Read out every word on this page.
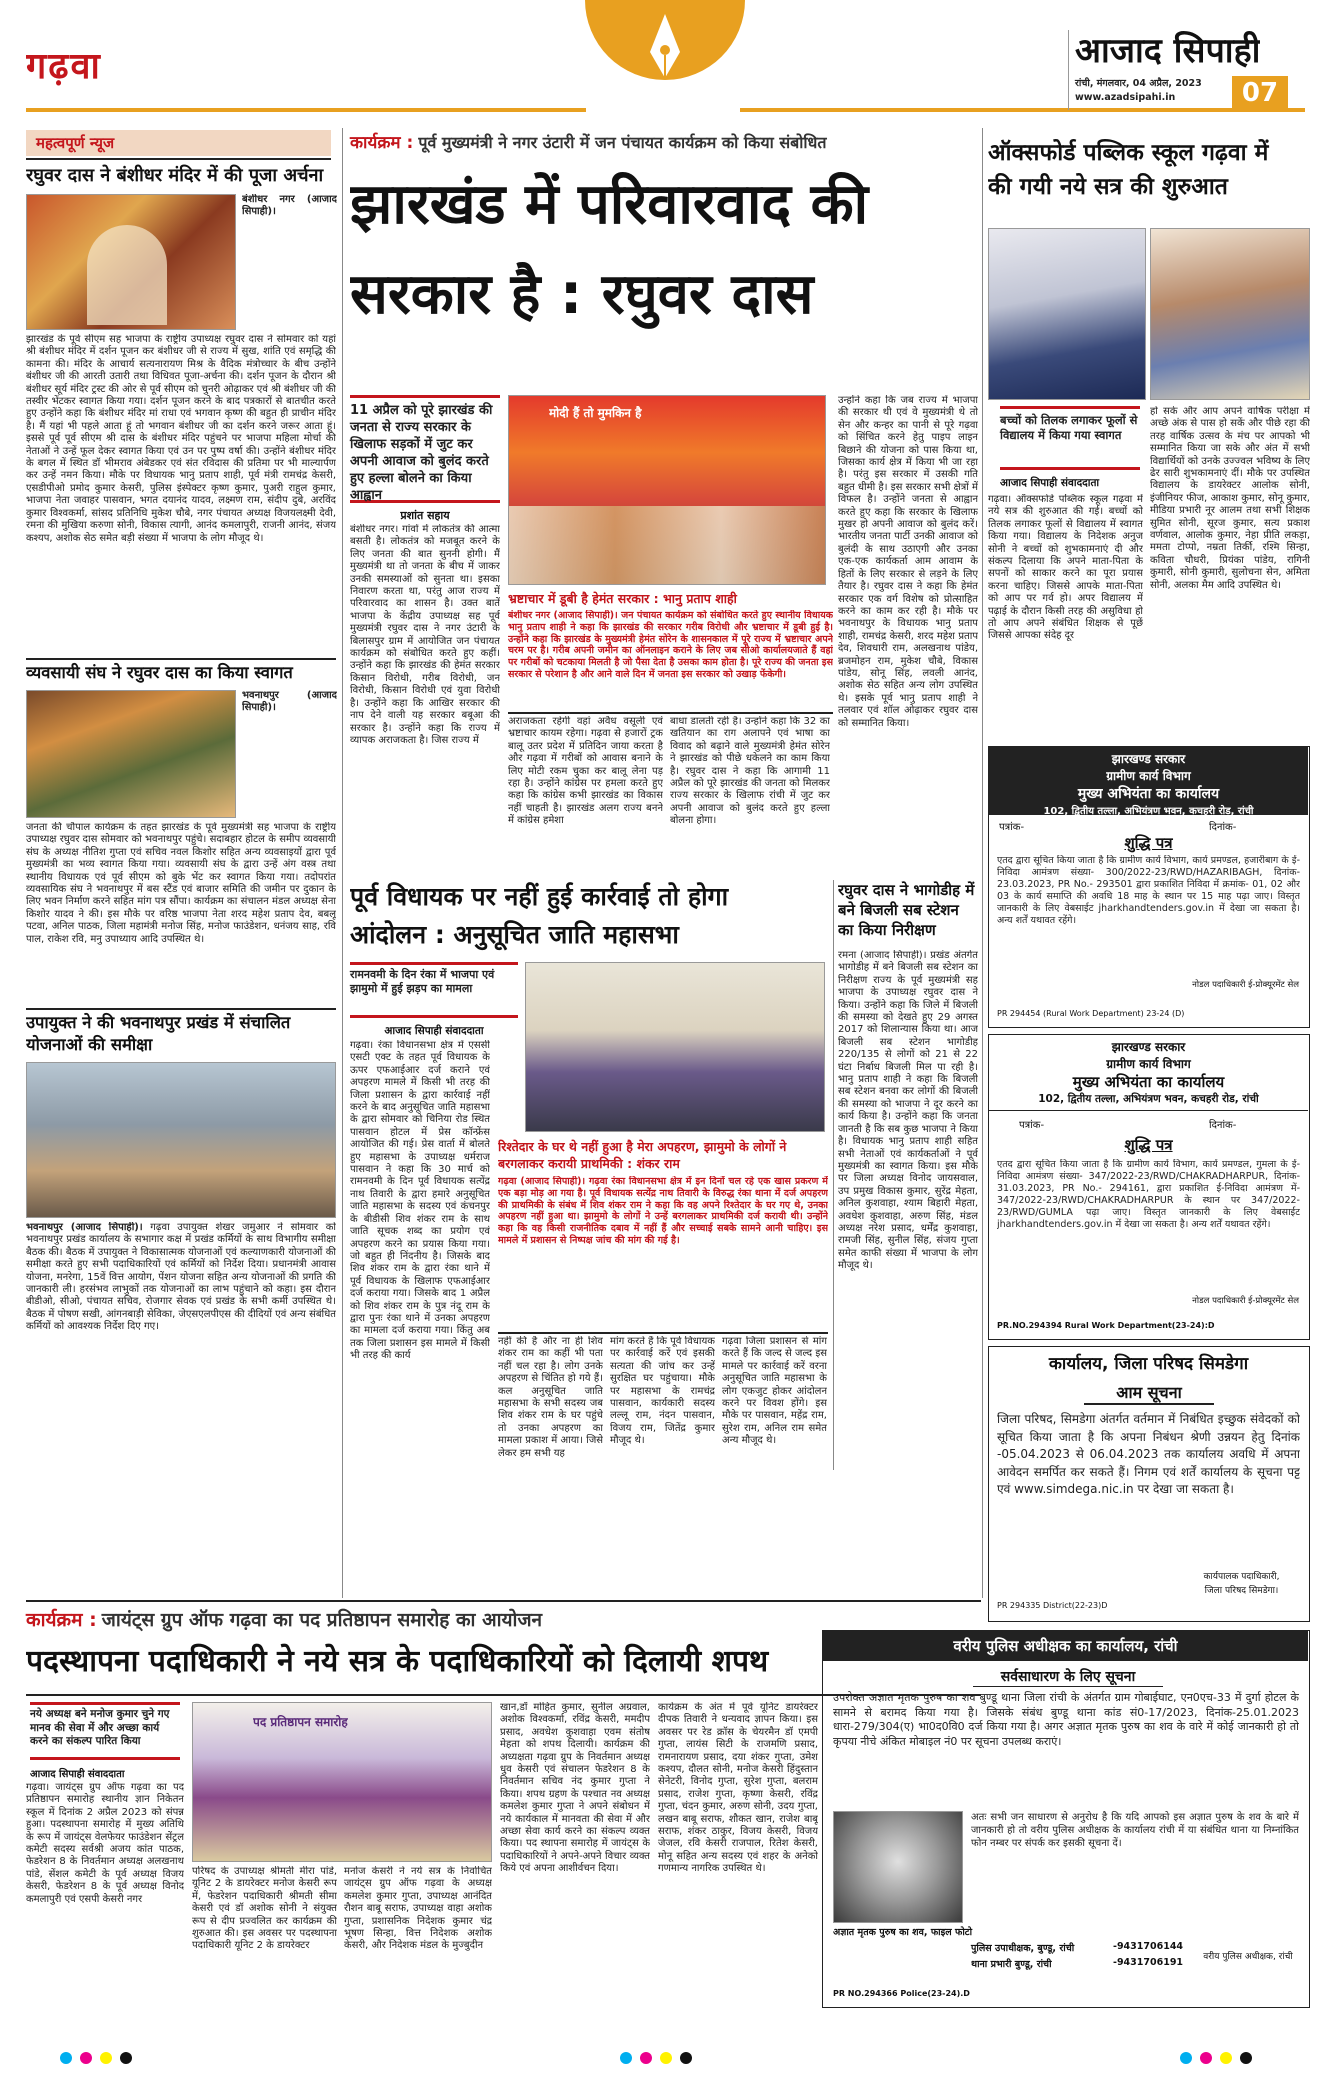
गढ़वा	आजाद सिपाही
रांची, मंगलवार, 04 अप्रैल, 2023
www.azadsipahi.in	07
महत्वपूर्ण न्यूज
रघुवर दास ने बंशीधर मंदिर में की पूजा अर्चना
बंशीधर नगर (आजाद सिपाही)।
झारखंड के पूर्व सीएम सह भाजपा के राष्ट्रीय उपाध्यक्ष रघुवर दास ने सोमवार को यहां श्री बंशीधर मंदिर में दर्शन पूजन कर बंशीधर जी से राज्य में सुख, शांति एवं समृद्धि की कामना की। मंदिर के आचार्य सत्यनारायण मिश्र के वैदिक मंत्रोच्चार के बीच उन्होंने बंशीधर जी की आरती उतारी तथा विधिवत पूजा-अर्चना की। दर्शन पूजन के दौरान श्री बंशीधर सूर्य मंदिर ट्रस्ट की ओर से पूर्व सीएम को चुनरी ओढ़ाकर एवं श्री बंशीधर जी की तस्वीर भेंटकर स्वागत किया गया। दर्शन पूजन करने के बाद पत्रकारों से बातचीत करते हुए उन्होंने कहा कि बंशीधर मंदिर मां राधा एवं भगवान कृष्ण की बहुत ही प्राचीन मंदिर है। मैं यहां भी पहले आता हूं तो भगवान बंशीधर जी का दर्शन करने जरूर आता हूं। इससे पूर्व पूर्व सीएम श्री दास के बंशीधर मंदिर पहुंचने पर भाजपा महिला मोर्चा की नेताओं ने उन्हें फूल देकर स्वागत किया एवं उन पर पुष्प वर्षा की। उन्होंने बंशीधर मंदिर के बगल में स्थित डॉ भीमराव अंबेडकर एवं संत रविदास की प्रतिमा पर भी माल्यार्पण कर उन्हें नमन किया। मौके पर विधायक भानु प्रताप शाही, पूर्व मंत्री रामचंद्र केसरी, एसडीपीओ प्रमोद कुमार केसरी, पुलिस इंस्पेक्टर कृष्ण कुमार, पुअरी राहुल कुमार, भाजपा नेता जवाहर पासवान, भगत दयानंद यादव, लक्ष्मण राम, संदीप दुबे, अरविंद कुमार विश्वकर्मा, सांसद प्रतिनिधि मुकेश चौबे, नगर पंचायत अध्यक्ष विजयलक्ष्मी देवी, रमना की मुखिया करुणा सोनी, विकास त्यागी, आनंद कमलापुरी, राजनी आनंद, संजय कश्यप, अशोक सेठ समेत बड़ी संख्या में भाजपा के लोग मौजूद थे।
व्यवसायी संघ ने रघुवर दास का किया स्वागत
भवनाथपुर (आजाद सिपाही)।
जनता की चौपाल कार्यक्रम के तहत झारखंड के पूर्व मुख्यमंत्री सह भाजपा के राष्ट्रीय उपाध्यक्ष रघुवर दास सोमवार को भवनाथपुर पहुंचे। सदाबहार होटल के समीप व्यवसायी संघ के अध्यक्ष नीतिश गुप्ता एवं सचिव नवल किशोर सहित अन्य व्यवसाइयों द्वारा पूर्व मुख्यमंत्री का भव्य स्वागत किया गया। व्यवसायी संघ के द्वारा उन्हें अंग वस्त्र तथा स्थानीय विधायक एवं पूर्व सीएम को बुके भेंट कर स्वागत किया गया। तदोपरांत व्यवसायिक संघ ने भवनाथपुर में बस स्टैंड एवं बाजार समिति की जमीन पर दुकान के लिए भवन निर्माण करने सहित मांग पत्र सौंपा। कार्यक्रम का संचालन मंडल अध्यक्ष सेना किशोर यादव ने की। इस मौके पर वरिष्ठ भाजपा नेता शरद महेश प्रताप देव, बबलू पटवा, अनिल पाठक, जिला महामंत्री मनोज सिंह, मनोज फाउंडेशन, धनंजय साह, रवि पाल, राकेश रवि, मनु उपाध्याय आदि उपस्थित थे।
उपायुक्त ने की भवनाथपुर प्रखंड में संचालित योजनाओं की समीक्षा
भवनाथपुर (आजाद सिपाही)। गढ़वा उपायुक्त शेखर जमुआर ने सोमवार को भवनाथपुर प्रखंड कार्यालय के सभागार कक्ष में प्रखंड कर्मियों के साथ विभागीय समीक्षा बैठक की। बैठक में उपायुक्त ने विकासात्मक योजनाओं एवं कल्याणकारी योजनाओं की समीक्षा करते हुए सभी पदाधिकारियों एवं कर्मियों को निर्देश दिया। प्रधानमंत्री आवास योजना, मनरेगा, 15वें वित्त आयोग, पेंशन योजना सहित अन्य योजनाओं की प्रगति की जानकारी ली। हरसंभव लाभुकों तक योजनाओं का लाभ पहुंचाने को कहा। इस दौरान बीडीओ, सीओ, पंचायत सचिव, रोजगार सेवक एवं प्रखंड के सभी कर्मी उपस्थित थे। बैठक में पोषण सखी, आंगनबाड़ी सेविका, जेएसएलपीएस की दीदियों एवं अन्य संबंधित कर्मियों को आवश्यक निर्देश दिए गए।
कार्यक्रम : पूर्व मुख्यमंत्री ने नगर उंटारी में जन पंचायत कार्यक्रम को किया संबोधित
झारखंड में परिवारवाद की
सरकार है : रघुवर दास
11 अप्रैल को पूरे झारखंड की जनता से राज्य सरकार के खिलाफ सड़कों में जुट कर अपनी आवाज को बुलंद करते हुए हल्ला बोलने का किया आह्वान
प्रशांत सहाय
बंशीधर नगर। गांवों में लोकतंत्र की आत्मा बसती है। लोकतंत्र को मजबूत करने के लिए जनता की बात सुननी होगी। मैं मुख्यमंत्री था तो जनता के बीच में जाकर उनकी समस्याओं को सुनता था। इसका निवारण करता था, परंतु आज राज्य में परिवारवाद का शासन है। उक्त बातें भाजपा के केंद्रीय उपाध्यक्ष सह पूर्व मुख्यमंत्री रघुवर दास ने नगर उंटारी के बिलासपुर ग्राम में आयोजित जन पंचायत कार्यक्रम को संबोधित करते हुए कहीं। उन्होंने कहा कि झारखंड की हेमंत सरकार किसान विरोधी, गरीब विरोधी, जन विरोधी, किसान विरोधी एवं युवा विरोधी है। उन्होंने कहा कि आखिर सरकार की नाप देने वाली यह सरकार बबूआ की सरकार है। उन्होंने कहा कि राज्य में व्यापक अराजकता है। जिस राज्य में
मोदी हैं तो मुमकिन है
भ्रष्टाचार में डूबी है हेमंत सरकार : भानु प्रताप शाही
बंशीधर नगर (आजाद सिपाही)। जन पंचायत कार्यक्रम को संबोधित करते हुए स्थानीय विधायक भानु प्रताप शाही ने कहा कि झारखंड की सरकार गरीब विरोधी और भ्रष्टाचार में डूबी हुई है। उन्होंने कहा कि झारखंड के मुख्यमंत्री हेमंत सोरेन के शासनकाल में पूरे राज्य में भ्रष्टाचार अपने चरम पर है। गरीब अपनी जमीन का ऑनलाइन कराने के लिए जब सीओ कार्यालयजाते हैं वहां पर गरीबों को चटकाया मिलती है जो पैसा देता है उसका काम होता है। पूरे राज्य की जनता इस सरकार से परेशान है और आने वाले दिन में जनता इस सरकार को उखाड़ फेंकेगी।
अराजकता रहेगी वहां अवैध वसूली एवं भ्रष्टाचार कायम रहेगा। गढ़वा से हजारों ट्रक बालू उतर प्रदेश में प्रतिदिन जाया करता है और गढ़वा में गरीबों को आवास बनाने के लिए मोटी रकम चुका कर बालू लेना पड़ रहा है। उन्होंने कांग्रेस पर हमला करते हुए कहा कि कांग्रेस कभी झारखंड का विकास नहीं चाहती है। झारखंड अलग राज्य बनने में कांग्रेस हमेशा
बाधा डालती रही है। उन्होंने कहा कि 32 का खतियान का राग अलापने एवं भाषा का विवाद को बढ़ाने वाले मुख्यमंत्री हेमंत सोरेन ने झारखंड को पीछे धकेलने का काम किया है। रघुवर दास ने कहा कि आगामी 11 अप्रैल को पूरे झारखंड की जनता को मिलकर राज्य सरकार के खिलाफ रांची में जुट कर अपनी आवाज को बुलंद करते हुए हल्ला बोलना होगा।
उन्होंने कहा कि जब राज्य में भाजपा की सरकार थी एवं वे मुख्यमंत्री थे तो सेन और कन्हर का पानी से पूरे गढ़वा को सिंचित करने हेतु पाइप लाइन बिछाने की योजना को पास किया था, जिसका कार्य क्षेत्र में किया भी जा रहा है। परंतु इस सरकार में उसकी गति बहुत धीमी है। इस सरकार सभी क्षेत्रों में विफल है। उन्होंने जनता से आह्वान करते हुए कहा कि सरकार के खिलाफ मुखर हो अपनी आवाज को बुलंद करें। भारतीय जनता पार्टी उनकी आवाज को बुलंदी के साथ उठाएगी और उनका एक-एक कार्यकर्ता आम आवाम के हितों के लिए सरकार से लड़ने के लिए तैयार है। रघुवर दास ने कहा कि हेमंत सरकार एक वर्ग विशेष को प्रोत्साहित करने का काम कर रही है। मौके पर भवनाथपुर के विधायक भानु प्रताप शाही, रामचंद्र केसरी, शरद महेश प्रताप देव, शिवधारी राम, अलखनाथ पांडेय, ब्रजमोहन राम, मुकेश चौबे, विकास पांडेय, सोनू सिंह, लवली आनंद, अशोक सेठ सहित अन्य लोग उपस्थित थे। इसके पूर्व भानु प्रताप शाही ने तलवार एवं शॉल ओढ़ाकर रघुवर दास को सम्मानित किया।
ऑक्सफोर्ड पब्लिक स्कूल गढ़वा में की गयी नये सत्र की शुरुआत
बच्चों को तिलक लगाकर फूलों से विद्यालय में किया गया स्वागत
आजाद सिपाही संवाददाता
गढ़वा। ऑक्सफोर्ड पब्लिक स्कूल गढ़वा में नये सत्र की शुरुआत की गई। बच्चों को तिलक लगाकर फूलों से विद्यालय में स्वागत किया गया। विद्यालय के निदेशक अनुज सोनी ने बच्चों को शुभकामनाएं दी और संकल्प दिलाया कि अपने माता-पिता के सपनों को साकार करने का पूरा प्रयास करना चाहिए। जिससे आपके माता-पिता को आप पर गर्व हो। अपर विद्यालय में पढ़ाई के दौरान किसी तरह की असुविधा हो तो आप अपने संबंधित शिक्षक से पूछें जिससे आपका संदेह दूर
हो सके और आप अपने वार्षिक परीक्षा में अच्छे अंक से पास हो सकें और पीछे रहा की तरह वार्षिक उत्सव के मंच पर आपको भी सम्मानित किया जा सके और अंत में सभी विद्यार्थियों को उनके उज्ज्वल भविष्य के लिए ढेर सारी शुभकामनाएं दीं। मौके पर उपस्थित विद्यालय के डायरेक्टर आलोक सोनी, इंजीनियर फीज, आकाश कुमार, सोनू कुमार, मीडिया प्रभारी नूर आलम तथा सभी शिक्षक सुमित सोनी, सूरज कुमार, सत्य प्रकाश वर्णवाल, आलोक कुमार, नेहा प्रीति लकड़ा, ममता टोप्पो, नम्रता तिर्की, रश्मि सिन्हा, कविता चौधरी, प्रियंका पांडेय, रागिनी कुमारी, सोनी कुमारी, सुलोचना सेन, अमिता सोनी, अलका मैम आदि उपस्थित थे।
झारखण्ड सरकार
ग्रामीण कार्य विभाग
मुख्य अभियंता का कार्यालय
102, द्वितीय तल्ला, अभियंत्रण भवन, कचहरी रोड, रांची
पत्रांक-	दिनांक-
शुद्धि पत्र
एतद द्वारा सूचित किया जाता है कि ग्रामीण कार्य विभाग, कार्य प्रमण्डल, हजारीबाग के ई-निविदा आमंत्रण संख्या- 300/2022-23/RWD/HAZARIBAGH, दिनांक- 23.03.2023, PR No.- 293501 द्वारा प्रकाशित निविदा में क्रमांक- 01, 02 और 03 के कार्य समाप्ति की अवधि 18 माह के स्थान पर 15 माह पढ़ा जाए। विस्तृत जानकारी के लिए वेबसाईट jharkhandtenders.gov.in में देखा जा सकता है। अन्य शर्तें यथावत रहेंगे।
नोडल पदाधिकारी ई-प्रोक्यूरमेंट सेल
PR 294454 (Rural Work Department) 23-24 (D)
झारखण्ड सरकार
ग्रामीण कार्य विभाग
मुख्य अभियंता का कार्यालय
102, द्वितीय तल्ला, अभियंत्रण भवन, कचहरी रोड, रांची
पत्रांक-	दिनांक-
शुद्धि पत्र
एतद द्वारा सूचित किया जाता है कि ग्रामीण कार्य विभाग, कार्य प्रमण्डल, गुमला के ई-निविदा आमंत्रण संख्या- 347/2022-23/RWD/CHAKRADHARPUR, दिनांक- 31.03.2023, PR No.- 294161, द्वारा प्रकाशित ई-निविदा आमंत्रण में- 347/2022-23/RWD/CHAKRADHARPUR के स्थान पर 347/2022-23/RWD/GUMLA पढ़ा जाए। विस्तृत जानकारी के लिए वेबसाईट jharkhandtenders.gov.in में देखा जा सकता है। अन्य शर्तें यथावत रहेंगे।
नोडल पदाधिकारी ई-प्रोक्यूरमेंट सेल
PR.NO.294394 Rural Work Department(23-24):D
कार्यालय, जिला परिषद सिमडेगा
आम सूचना
जिला परिषद, सिमडेगा अंतर्गत वर्तमान में निबंधित इच्छुक संवेदकों को सूचित किया जाता है कि अपना निबंधन श्रेणी उन्नयन हेतु दिनांक -05.04.2023 से 06.04.2023 तक कार्यालय अवधि में अपना आवेदन समर्पित कर सकते हैं। निगम एवं शर्तें कार्यालय के सूचना पट्ट एवं www.simdega.nic.in पर देखा जा सकता है।
कार्यपालक पदाधिकारी,
जिला परिषद सिमडेगा।
PR 294335 District(22-23)D
पूर्व विधायक पर नहीं हुई कार्रवाई तो होगा
आंदोलन : अनुसूचित जाति महासभा
रामनवमी के दिन रंका में भाजपा एवं झामुमो में हुई झड़प का मामला
आजाद सिपाही संवाददाता
गढ़वा। रंका विधानसभा क्षेत्र में एससी एसटी एक्ट के तहत पूर्व विधायक के ऊपर एफआईआर दर्ज कराने एवं अपहरण मामले में किसी भी तरह की जिला प्रशासन के द्वारा कार्रवाई नहीं करने के बाद अनुसूचित जाति महासभा के द्वारा सोमवार को चिनिया रोड स्थित पासवान होटल में प्रेस कॉन्फ्रेंस आयोजित की गई। प्रेस वार्ता में बोलते हुए महासभा के उपाध्यक्ष धर्मराज पासवान ने कहा कि 30 मार्च को रामनवमी के दिन पूर्व विधायक सत्येंद्र नाथ तिवारी के द्वारा हमारे अनुसूचित जाति महासभा के सदस्य एवं कंचनपुर के बीडीसी शिव शंकर राम के साथ जाति सूचक शब्द का प्रयोग एवं अपहरण करने का प्रयास किया गया। जो बहुत ही निंदनीय है। जिसके बाद शिव शंकर राम के द्वारा रंका थाने में पूर्व विधायक के खिलाफ एफआईआर दर्ज कराया गया। जिसके बाद 1 अप्रैल को शिव शंकर राम के पुत्र नंदू राम के द्वारा पुनः रंका थाने में उनका अपहरण का मामला दर्ज कराया गया। किंतु अब तक जिला प्रशासन इस मामले में किसी भी तरह की कार्य
रिश्तेदार के घर थे नहीं हुआ है मेरा अपहरण, झामुमो के लोगों ने बरगलाकर करायी प्राथमिकी : शंकर राम
गढ़वा (आजाद सिपाही)। गढ़वा रंका विधानसभा क्षेत्र में इन दिनों चल रहे एक खास प्रकरण में एक बड़ा मोड़ आ गया है। पूर्व विधायक सत्येंद्र नाथ तिवारी के विरुद्ध रंका थाना में दर्ज अपहरण की प्राथमिकी के संबंध में शिव शंकर राम ने कहा कि वह अपने रिश्तेदार के घर गए थे, उनका अपहरण नहीं हुआ था। झामुमो के लोगों ने उन्हें बरगलाकर प्राथमिकी दर्ज करायी थी। उन्होंने कहा कि वह किसी राजनीतिक दबाव में नहीं हैं और सच्चाई सबके सामने आनी चाहिए। इस मामले में प्रशासन से निष्पक्ष जांच की मांग की गई है।
नहीं की है और ना ही शिव शंकर राम का कहीं भी पता नहीं चल रहा है। लोग उनके अपहरण से चिंतित हो गये हैं। कल अनुसूचित जाति महासभा के सभी सदस्य जब शिव शंकर राम के घर पहुंचे तो उनका अपहरण का मामला प्रकाश में आया। जिसे लेकर हम सभी यह
मांग करते हैं कि पूर्व विधायक पर कार्रवाई करें एवं इसकी सत्यता की जांच कर उन्हें सुरक्षित घर पहुंचाया। मौके पर महासभा के रामचंद्र पासवान, कार्यकारी सदस्य लल्लू राम, नंदन पासवान, विजय राम, जितेंद्र कुमार मौजूद थे।
गढ़वा जिला प्रशासन से मांग करते हैं कि जल्द से जल्द इस मामले पर कार्रवाई करें वरना अनुसूचित जाति महासभा के लोग एकजुट होकर आंदोलन करने पर विवश होंगे। इस मौके पर पासवान, महेंद्र राम, सुरेश राम, अनिल राम समेत अन्य मौजूद थे।
रघुवर दास ने भागोडीह में बने बिजली सब स्टेशन का किया निरीक्षण
रमना (आजाद सिपाही)। प्रखंड अंतर्गत भागोडीह में बने बिजली सब स्टेशन का निरीक्षण राज्य के पूर्व मुख्यमंत्री सह भाजपा के उपाध्यक्ष रघुवर दास ने किया। उन्होंने कहा कि जिले में बिजली की समस्या को देखते हुए 29 अगस्त 2017 को शिलान्यास किया था। आज बिजली सब स्टेशन भागोडीह 220/135 से लोगों को 21 से 22 घंटा निर्बाध बिजली मिल पा रही है। भानु प्रताप शाही ने कहा कि बिजली सब स्टेशन बनवा कर लोगों की बिजली की समस्या को भाजपा ने दूर करने का कार्य किया है। उन्होंने कहा कि जनता जानती है कि सब कुछ भाजपा ने किया है। विधायक भानु प्रताप शाही सहित सभी नेताओं एवं कार्यकर्ताओं ने पूर्व मुख्यमंत्री का स्वागत किया। इस मौके पर जिला अध्यक्ष विनोद जायसवाल, उप प्रमुख विकास कुमार, सुरेंद्र मेहता, अनिल कुशवाहा, श्याम बिहारी मेहता, अवधेश कुशवाहा, अरुण सिंह, मंडल अध्यक्ष नरेश प्रसाद, धर्मेंद्र कुशवाहा, रामजी सिंह, सुनील सिंह, संजय गुप्ता समेत काफी संख्या में भाजपा के लोग मौजूद थे।
कार्यक्रम : जायंट्स ग्रुप ऑफ गढ़वा का पद प्रतिष्ठापन समारोह का आयोजन
पदस्थापना पदाधिकारी ने नये सत्र के पदाधिकारियों को दिलायी शपथ
नये अध्यक्ष बने मनोज कुमार चुने गए मानव की सेवा में और अच्छा कार्य करने का संकल्प पारित किया
आजाद सिपाही संवाददाता
गढ़वा। जायंट्स ग्रुप ऑफ गढ़वा का पद प्रतिष्ठापन समारोह स्थानीय ज्ञान निकेतन स्कूल में दिनांक 2 अप्रैल 2023 को संपन्न हुआ। पदस्थापना समारोह में मुख्य अतिथि के रूप में जायंट्स वेलफेयर फाउंडेशन सेंट्रल कमेटी सदस्य सर्वश्री अजय कांत पाठक, फेडरेशन 8 के निवर्तमान अध्यक्ष अलखनाथ पांडे, सेंशल कमेटी के पूर्व अध्यक्ष विजय केसरी, फेडरेशन 8 के पूर्व अध्यक्ष विनोद कमलापुरी एवं एसपी केसरी नगर
पद प्रतिष्ठापन समारोह
परिषद के उपाध्यक्ष श्रीमती मीरा पांडे, यूनिट 2 के डायरेक्टर मनोज केसरी रूप में, फेडरेशन पदाधिकारी श्रीमती सीमा केसरी एवं डॉ अशोक सोनी ने संयुक्त रूप से दीप प्रज्वलित कर कार्यक्रम की शुरुआत की। इस अवसर पर पदस्थापना पदाधिकारी यूनिट 2 के डायरेक्टर
मनोज केसरी ने नये सत्र के निर्वाचित जायंट्स ग्रुप ऑफ गढ़वा के अध्यक्ष कमलेश कुमार गुप्ता, उपाध्यक्ष आनंदित रौशन बाबू सराफ, उपाध्यक्ष वाहा अशोक गुप्ता, प्रशासनिक निदेशक कुमार चंद्र भूषण सिन्हा, वित्त निदेशक अशोक केसरी, और निदेशक मंडल के मुज्बुदीन
खान,डॉ मोहित कुमार, सुनील अग्रवाल, अशोक विश्वकर्मा, रविंद्र केसरी, ममदीप प्रसाद, अवधेश कुशवाहा एवम संतोष मेहता को शपथ दिलायी। कार्यक्रम की अध्यक्षता गढ़वा ग्रुप के निवर्तमान अध्यक्ष धुव केसरी एवं संचालन फेडरेशन 8 के निवर्तमान सचिव नंद कुमार गुप्ता ने किया। शपथ ग्रहण के पश्चात नव अध्यक्ष कमलेश कुमार गुप्ता ने अपने संबोधन में नये कार्यकाल में मानवता की सेवा में और अच्छा सेवा कार्य करने का संकल्प व्यक्त किया। पद स्थापना समारोह में जायंट्स के पदाधिकारियों ने अपने-अपने विचार व्यक्त किये एवं अपना आशीर्वचन दिया।
कार्यक्रम के अंत में पूर्व यूनिट डायरेक्टर दीपक तिवारी ने धन्यवाद ज्ञापन किया। इस अवसर पर रेड क्रॉस के चेयरमैन डॉ एमपी गुप्ता, लायंस सिटी के राजमणि प्रसाद, रामनारायण प्रसाद, दया शंकर गुप्ता, उमेश कश्यप, दौलत सोनी, मनोज केसरी हिंदुस्तान सेनेटरी, विनोद गुप्ता, सुरेश गुप्ता, बलराम प्रसाद, राजेश गुप्ता, कृष्णा केसरी, रविंद्र गुप्ता, चंदन कुमार, अरुण सोनी, उदय गुप्ता, लखन बाबू सराफ, शौकत खान, राजेश बाबू सराफ, शंकर ठाकुर, विजय केसरी, विजय जेजल, रवि केसरी राजपाल, रितेश केसरी, मोनू सहित अन्य सदस्य एवं शहर के अनेको गणमान्य नागरिक उपस्थित थे।
वरीय पुलिस अधीक्षक का कार्यालय, रांची
सर्वसाधारण के लिए सूचना
उपरोक्त अज्ञात मृतक पुरुष का शव बुण्डू थाना जिला रांची के अंतर्गत ग्राम गोबाईघाट, एन0एच-33 में दुर्गा होटल के सामने से बरामद किया गया है। जिसके संबंध बुण्डू थाना कांड सं0-17/2023, दिनांक-25.01.2023 धारा-279/304(ए) भा0द0वि0 दर्ज किया गया है। अगर अज्ञात मृतक पुरुष का शव के वारे में कोई जानकारी हो तो कृपया नीचे अंकित मोबाइल नं0 पर सूचना उपलब्ध कराएं।
अज्ञात मृतक पुरुष का शव, फाइल फोटो
अतः सभी जन साधारण से अनुरोध है कि यदि आपको इस अज्ञात पुरुष के शव के बारे में जानकारी हो तो वरीय पुलिस अधीक्षक के कार्यालय रांची में या संबंधित थाना या निम्नांकित फोन नम्बर पर संपर्क कर इसकी सूचना दें।
पुलिस उपाधीक्षक, बुण्डू, रांची	-9431706144
थाना प्रभारी बुण्डू, रांची	-9431706191	वरीय पुलिस अधीक्षक, रांची
PR NO.294366 Police(23-24).D
